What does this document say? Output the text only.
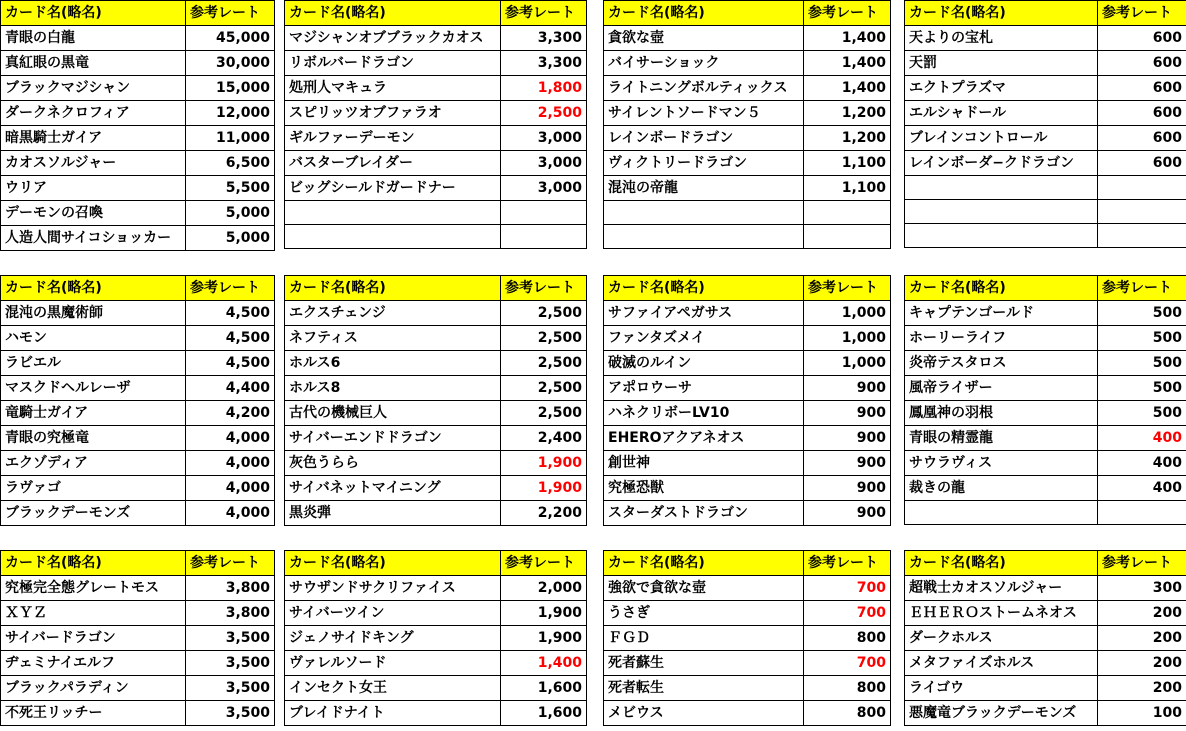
カード名(略名)	参考レート
青眼の白龍	45,000
真紅眼の黒竜	30,000
ブラックマジシャン	15,000
ダークネクロフィア	12,000
暗黒騎士ガイア	11,000
カオスソルジャー	6,500
ウリア	5,500
デーモンの召喚	5,000
人造人間サイコショッカー	5,000
カード名(略名)	参考レート
マジシャンオブブラックカオス	3,300
リボルバードラゴン	3,300
処刑人マキュラ	1,800
スピリッツオブファラオ	2,500
ギルファーデーモン	3,000
バスターブレイダー	3,000
ビッグシールドガードナー	3,000

カード名(略名)	参考レート
貪欲な壺	1,400
バイサーショック	1,400
ライトニングボルティックス	1,400
サイレントソードマン５	1,200
レインボードラゴン	1,200
ヴィクトリードラゴン	1,100
混沌の帝龍	1,100

カード名(略名)	参考レート
天よりの宝札	600
天罰	600
エクトプラズマ	600
エルシャドール	600
ブレインコントロール	600
レインボーダ−クドラゴン	600

カード名(略名)	参考レート
混沌の黒魔術師	4,500
ハモン	4,500
ラビエル	4,500
マスクドヘルレーザ	4,400
竜騎士ガイア	4,200
青眼の究極竜	4,000
エクゾディア	4,000
ラヴァゴ	4,000
ブラックデーモンズ	4,000
カード名(略名)	参考レート
エクスチェンジ	2,500
ネフティス	2,500
ホルス6	2,500
ホルス8	2,500
古代の機械巨人	2,500
サイバーエンドドラゴン	2,400
灰色うらら	1,900
サイバネットマイニング	1,900
黒炎弾	2,200
カード名(略名)	参考レート
サファイアペガサス	1,000
ファンタズメイ	1,000
破滅のルイン	1,000
アポロウーサ	900
ハネクリボーLV10	900
EHEROアクアネオス	900
創世神	900
究極恐獣	900
スターダストドラゴン	900
カード名(略名)	参考レート
キャプテンゴールド	500
ホーリーライフ	500
炎帝テスタロス	500
風帝ライザー	500
鳳凰神の羽根	500
青眼の精霊龍	400
サウラヴィス	400
裁きの龍	400

カード名(略名)	参考レート
究極完全態グレートモス	3,800
ＸＹＺ	3,800
サイバードラゴン	3,500
ヂェミナイエルフ	3,500
ブラックパラディン	3,500
不死王リッチー	3,500
カード名(略名)	参考レート
サウザンドサクリファイス	2,000
サイバーツイン	1,900
ジェノサイドキング	1,900
ヴァレルソード	1,400
インセクト女王	1,600
ブレイドナイト	1,600
カード名(略名)	参考レート
強欲で貪欲な壺	700
うさぎ	700
ＦＧＤ	800
死者蘇生	700
死者転生	800
メビウス	800
カード名(略名)	参考レート
超戦士カオスソルジャー	300
ＥＨＥＲＯストームネオス	200
ダークホルス	200
メタファイズホルス	200
ライゴウ	200
悪魔竜ブラックデーモンズ	100
